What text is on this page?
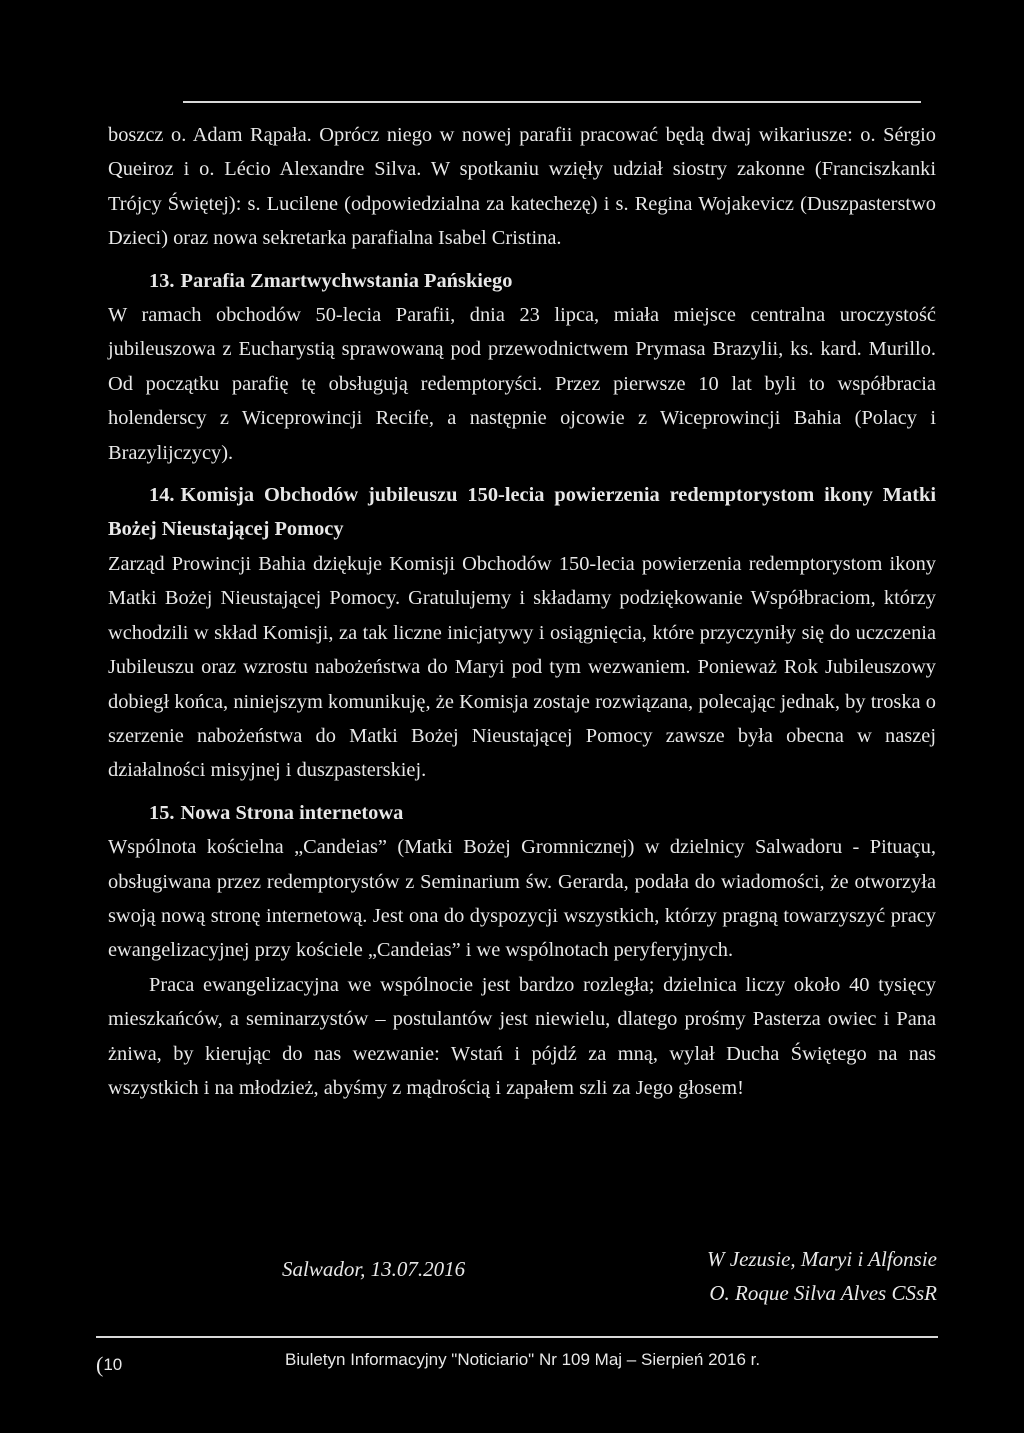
boszcz o. Adam Rąpała. Oprócz niego w nowej parafii pracować będą dwaj wikariusze: o. Sérgio Queiroz i o. Lécio Alexandre Silva. W spotkaniu wzięły udział siostry zakonne (Franciszkanki Trójcy Świętej): s. Lucilene (odpowiedzialna za katechezę) i s. Regina Wojakevicz (Duszpasterstwo Dzieci) oraz nowa sekretarka parafialna Isabel Cristina.

13. Parafia Zmartwychwstania Pańskiego

W ramach obchodów 50-lecia Parafii, dnia 23 lipca, miała miejsce centralna uroczystość jubileuszowa z Eucharystią sprawowaną pod przewodnictwem Prymasa Brazylii, ks. kard. Murillo. Od początku parafię tę obsługują redemptoryści. Przez pierwsze 10 lat byli to współbracia holenderscy z Wiceprowincji Recife, a następnie ojcowie z Wiceprowincji Bahia (Polacy i Brazylijczycy).

14. Komisja Obchodów jubileuszu 150-lecia powierzenia redemptorystom ikony Matki Bożej Nieustającej Pomocy

Zarząd Prowincji Bahia dziękuje Komisji Obchodów 150-lecia powierzenia redemptorystom ikony Matki Bożej Nieustającej Pomocy. Gratulujemy i składamy podziękowanie Współbraciom, którzy wchodzili w skład Komisji, za tak liczne inicjatywy i osiągnięcia, które przyczyniły się do uczczenia Jubileuszu oraz wzrostu nabożeństwa do Maryi pod tym wezwaniem. Ponieważ Rok Jubileuszowy dobiegł końca, niniejszym komunikuję, że Komisja zostaje rozwiązana, polecając jednak, by troska o szerzenie nabożeństwa do Matki Bożej Nieustającej Pomocy zawsze była obecna w naszej działalności misyjnej i duszpasterskiej.

15. Nowa Strona internetowa

Wspólnota kościelna „Candeias” (Matki Bożej Gromnicznej) w dzielnicy Salwadoru - Pituaçu, obsługiwana przez redemptorystów z Seminarium św. Gerarda, podała do wiadomości, że otworzyła swoją nową stronę internetową. Jest ona do dyspozycji wszystkich, którzy pragną towarzyszyć pracy ewangelizacyjnej przy kościele „Candeias” i we wspólnotach peryferyjnych.

Praca ewangelizacyjna we wspólnocie jest bardzo rozległa; dzielnica liczy około 40 tysięcy mieszkańców, a seminarzystów – postulantów jest niewielu, dlatego prośmy Pasterza owiec i Pana żniwa, by kierując do nas wezwanie: Wstań i pójdź za mną, wylał Ducha Świętego na nas wszystkich i na młodzież, abyśmy z mądrością i zapałem szli za Jego głosem!

Salwador, 13.07.2016	W Jezusie, Maryi i Alfonsie
O. Roque Silva Alves CSsR
(10	Biuletyn Informacyjny "Noticiario" Nr 109 Maj – Sierpień 2016 r.
